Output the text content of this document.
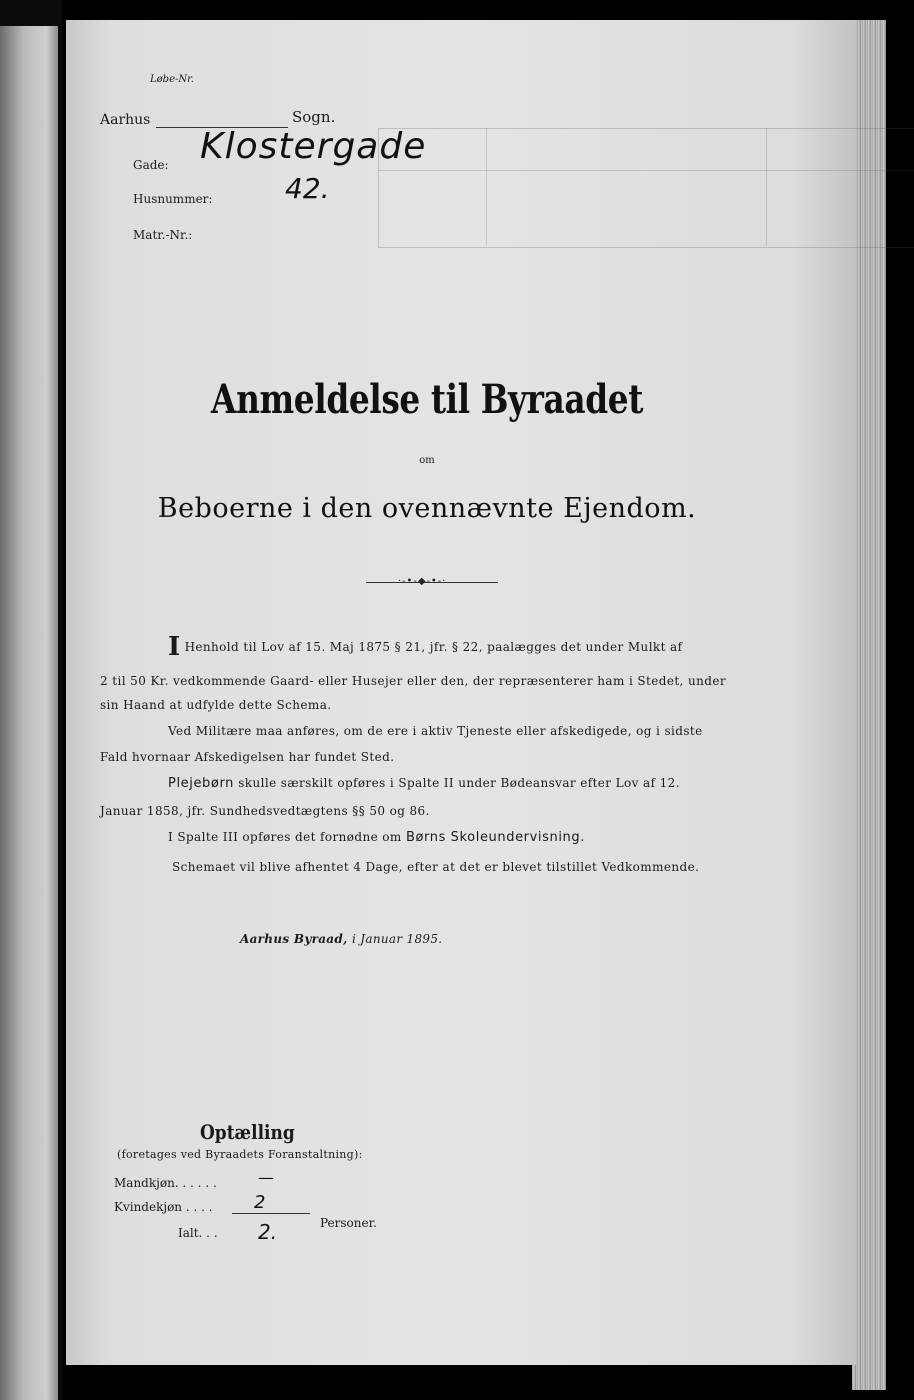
Løbe-Nr.
Aarhus	Sogn.
Gade: Klostergade
Husnummer:	42.
Matr.-Nr.:
Anmeldelse til Byraadet
om
Beboerne i den ovennævnte Ejendom.
·-•-◆-•-·
I Henhold til Lov af 15. Maj 1875 § 21, jfr. § 22, paalægges det under Mulkt af
2 til 50 Kr. vedkommende Gaard- eller Husejer eller den, der repræsenterer ham i Stedet, under
sin Haand at udfylde dette Schema.
Ved Militære maa anføres, om de ere i aktiv Tjeneste eller afskedigede, og i sidste
Fald hvornaar Afskedigelsen har fundet Sted.
Plejebørn skulle særskilt opføres i Spalte II under Bødeansvar efter Lov af 12.
Januar 1858, jfr. Sundhedsvedtægtens §§ 50 og 86.
I Spalte III opføres det fornødne om Børns Skoleundervisning.
Schemaet vil blive afhentet 4 Dage, efter at det er blevet tilstillet Vedkommende.
Aarhus Byraad, i Januar 1895.
Optælling
(foretages ved Byraadets Foranstaltning):
Mandkjøn. . . . . .	—
Kvindekjøn . . . . 2
Ialt. . . 2.	Personer.
